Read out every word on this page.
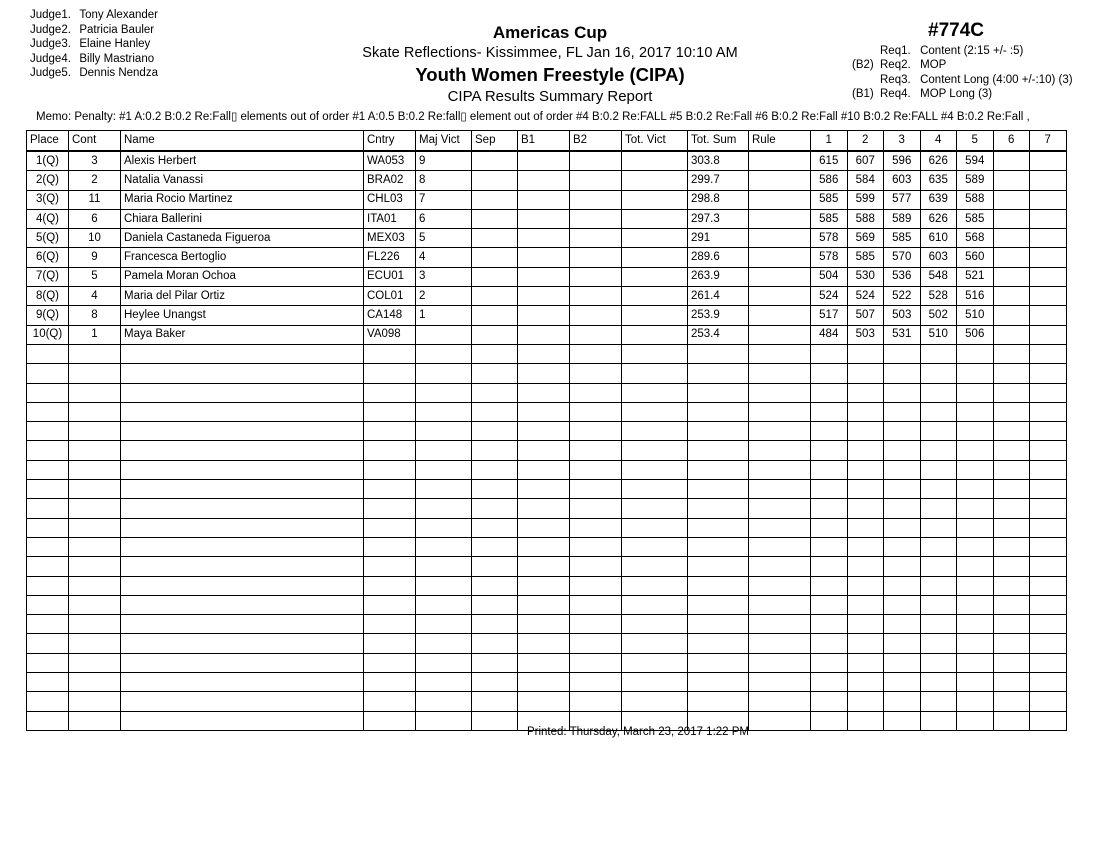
Judge1. Tony Alexander
Judge2. Patricia Bauler
Judge3. Elaine Hanley
Judge4. Billy Mastriano
Judge5. Dennis Nendza
Americas Cup
Skate Reflections- Kissimmee, FL Jan 16, 2017 10:10 AM
Youth Women Freestyle (CIPA)
CIPA Results Summary Report
#774C
Req1. Content (2:15 +/- :5)
(B2) Req2. MOP
Req3. Content Long (4:00 +/-:10) (3)
(B1) Req4. MOP Long (3)
Memo: Penalty: #1 A:0.2 B:0.2 Re:Fall▯ elements out of order #1 A:0.5 B:0.2 Re:fall▯ element out of order #4 B:0.2 Re:FALL #5 B:0.2 Re:Fall #6 B:0.2 Re:Fall #10 B:0.2 Re:FALL #4 B:0.2 Re:Fall ,
Place	Cont	Name	Cntry	Maj Vict	Sep	B1	B2	Tot. Vict	Tot. Sum	Rule	1	2	3	4	5	6	7
1(Q)	3	Alexis Herbert	WA053	9					303.8		615	607	596	626	594		
2(Q)	2	Natalia Vanassi	BRA02	8					299.7		586	584	603	635	589		
3(Q)	11	Maria Rocio Martinez	CHL03	7					298.8		585	599	577	639	588		
4(Q)	6	Chiara Ballerini	ITA01	6					297.3		585	588	589	626	585		
5(Q)	10	Daniela Castaneda Figueroa	MEX03	5					291		578	569	585	610	568		
6(Q)	9	Francesca Bertoglio	FL226	4					289.6		578	585	570	603	560		
7(Q)	5	Pamela Moran Ochoa	ECU01	3					263.9		504	530	536	548	521		
8(Q)	4	Maria del Pilar Ortiz	COL01	2					261.4		524	524	522	528	516		
9(Q)	8	Heylee Unangst	CA148	1					253.9		517	507	503	502	510		
10(Q)	1	Maya Baker	VA098						253.4		484	503	531	510	506		

Printed: Thursday, March 23, 2017 1:22 PM
